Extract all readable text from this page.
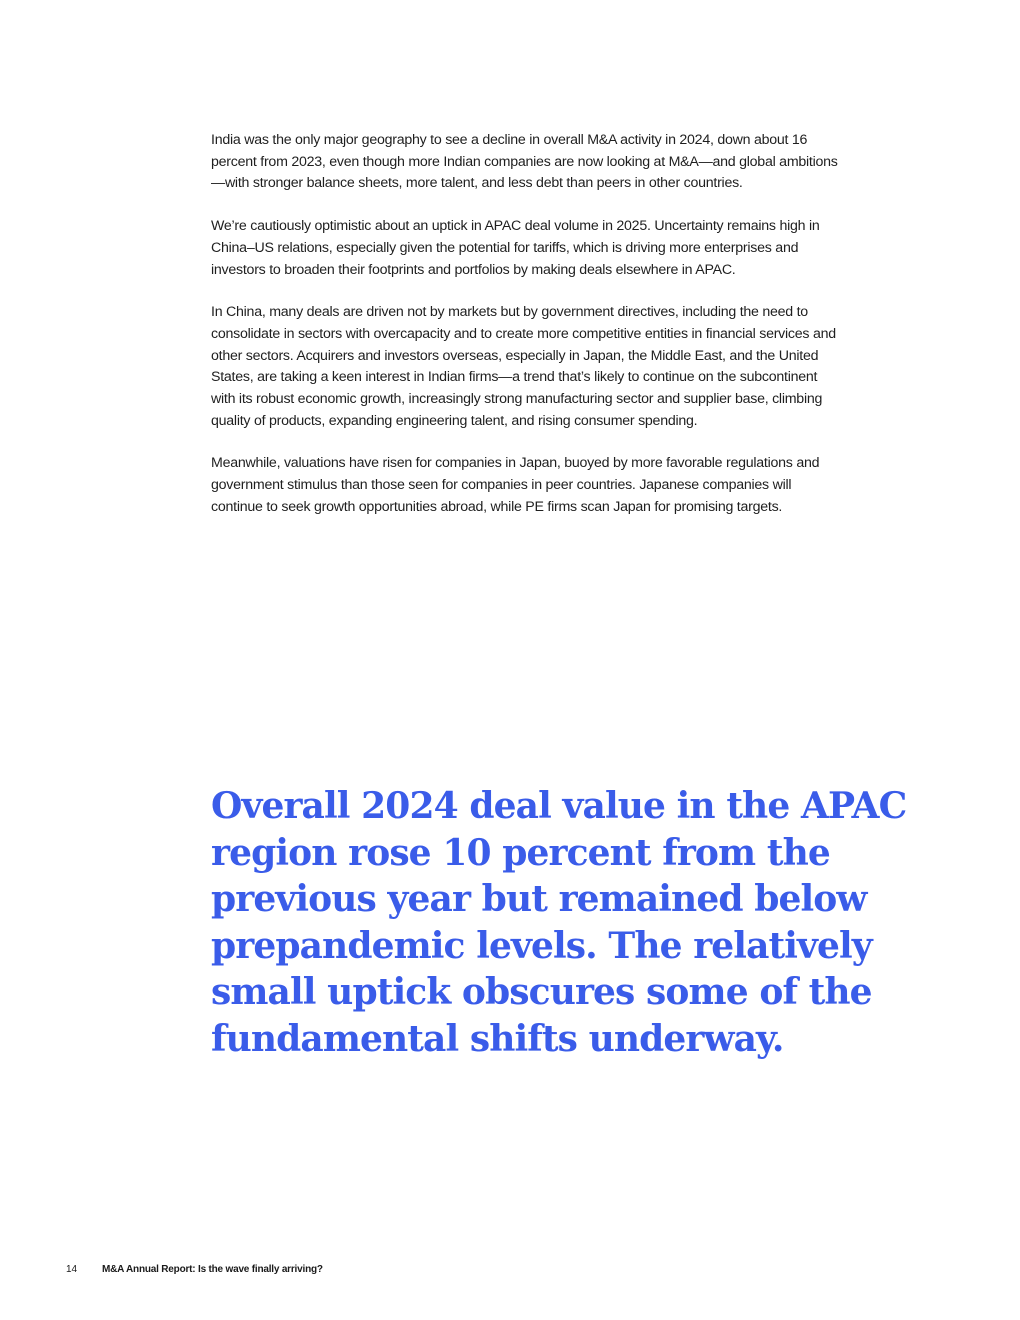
India was the only major geography to see a decline in overall M&A activity in 2024, down about 16 percent from 2023, even though more Indian companies are now looking at M&A—and global ambitions—with stronger balance sheets, more talent, and less debt than peers in other countries.

We’re cautiously optimistic about an uptick in APAC deal volume in 2025. Uncertainty remains high in China–US relations, especially given the potential for tariffs, which is driving more enterprises and investors to broaden their footprints and portfolios by making deals elsewhere in APAC.

In China, many deals are driven not by markets but by government directives, including the need to consolidate in sectors with overcapacity and to create more competitive entities in financial services and other sectors. Acquirers and investors overseas, especially in Japan, the Middle East, and the United States, are taking a keen interest in Indian firms—a trend that’s likely to continue on the subcontinent with its robust economic growth, increasingly strong manufacturing sector and supplier base, climbing quality of products, expanding engineering talent, and rising consumer spending.

Meanwhile, valuations have risen for companies in Japan, buoyed by more favorable regulations and government stimulus than those seen for companies in peer countries. Japanese companies will continue to seek growth opportunities abroad, while PE firms scan Japan for promising targets.

Overall 2024 deal value in the APAC region rose 10 percent from the previous year but remained below prepandemic levels. The relatively small uptick obscures some of the fundamental shifts underway.

14 M&A Annual Report: Is the wave finally arriving?
